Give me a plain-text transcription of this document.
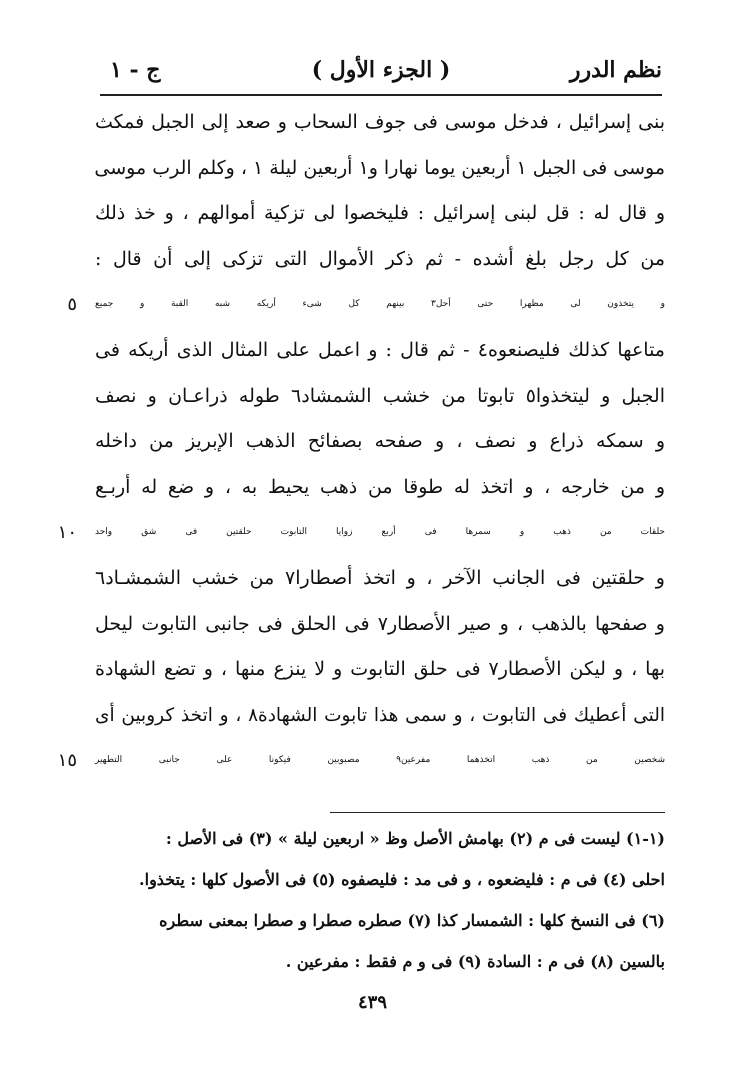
نظم الدرر
( الجزء الأول )
ج - ١
بنى إسرائيل ، فدخل موسى فى جوف السحاب و صعد إلى الجبل فمكث
موسى فى الجبل ١ أربعين يوما نهارا و١ أربعين ليلة ١ ، وكلم الرب موسى
و قال له : قل لبنى إسرائيل : فليخصوا لى تزكية أموالهم ، و خذ ذلك
من كل رجل بلغ أشده - ثم ذكر الأموال التى تزكى إلى أن قال :
و يتخذون لى مظهرا حتى أحل٣ بينهم كل شىء أريكه شبه القبة و جميع
٥
متاعها كذلك فليصنعوه٤ - ثم قال : و اعمل على المثال الذى أريكه فى
الجبل و ليتخذوا٥ تابوتا من خشب الشمشاد٦ طوله ذراعـان و نصف
و سمكه ذراع و نصف ، و صفحه بصفائح الذهب الإبريز من داخله
و من خارجه ، و اتخذ له طوقا من ذهب يحيط به ، و ضع له أربـع
حلقات من ذهب و سمرها فى أربع زوايا التابوت حلقتين فى شق واحد
١٠
و حلقتين فى الجانب الآخر ، و اتخذ أصطارا٧ من خشب الشمشـاد٦
و صفحها بالذهب ، و صير الأصطار٧ فى الحلق فى جانبى التابوت ليحل
بها ، و ليكن الأصطار٧ فى حلق التابوت و لا ينزع منها ، و تضع الشهادة
التى أعطيك فى التابوت ، و سمى هذا تابوت الشهادة٨ ، و اتخذ كروبين أى
شخصين من ذهب اتخذهما مفرعين٩ مصبوبين فيكونا على جانبى التطهير
١٥
(١-١) ليست فى م (٢) بهامش الأصل وظ « اربعين ليلة » (٣) فى الأصل :
احلى (٤) فى م : فليضعوه ، و فى مد : فليصفوه (٥) فى الأصول كلها : يتخذوا.
(٦) فى النسخ كلها : الشمسار كذا (٧) صطره صطرا و صطرا بمعنى سطره
بالسين (٨) فى م : السادة (٩) فى و م فقط : مفرعين .
٤٣٩
